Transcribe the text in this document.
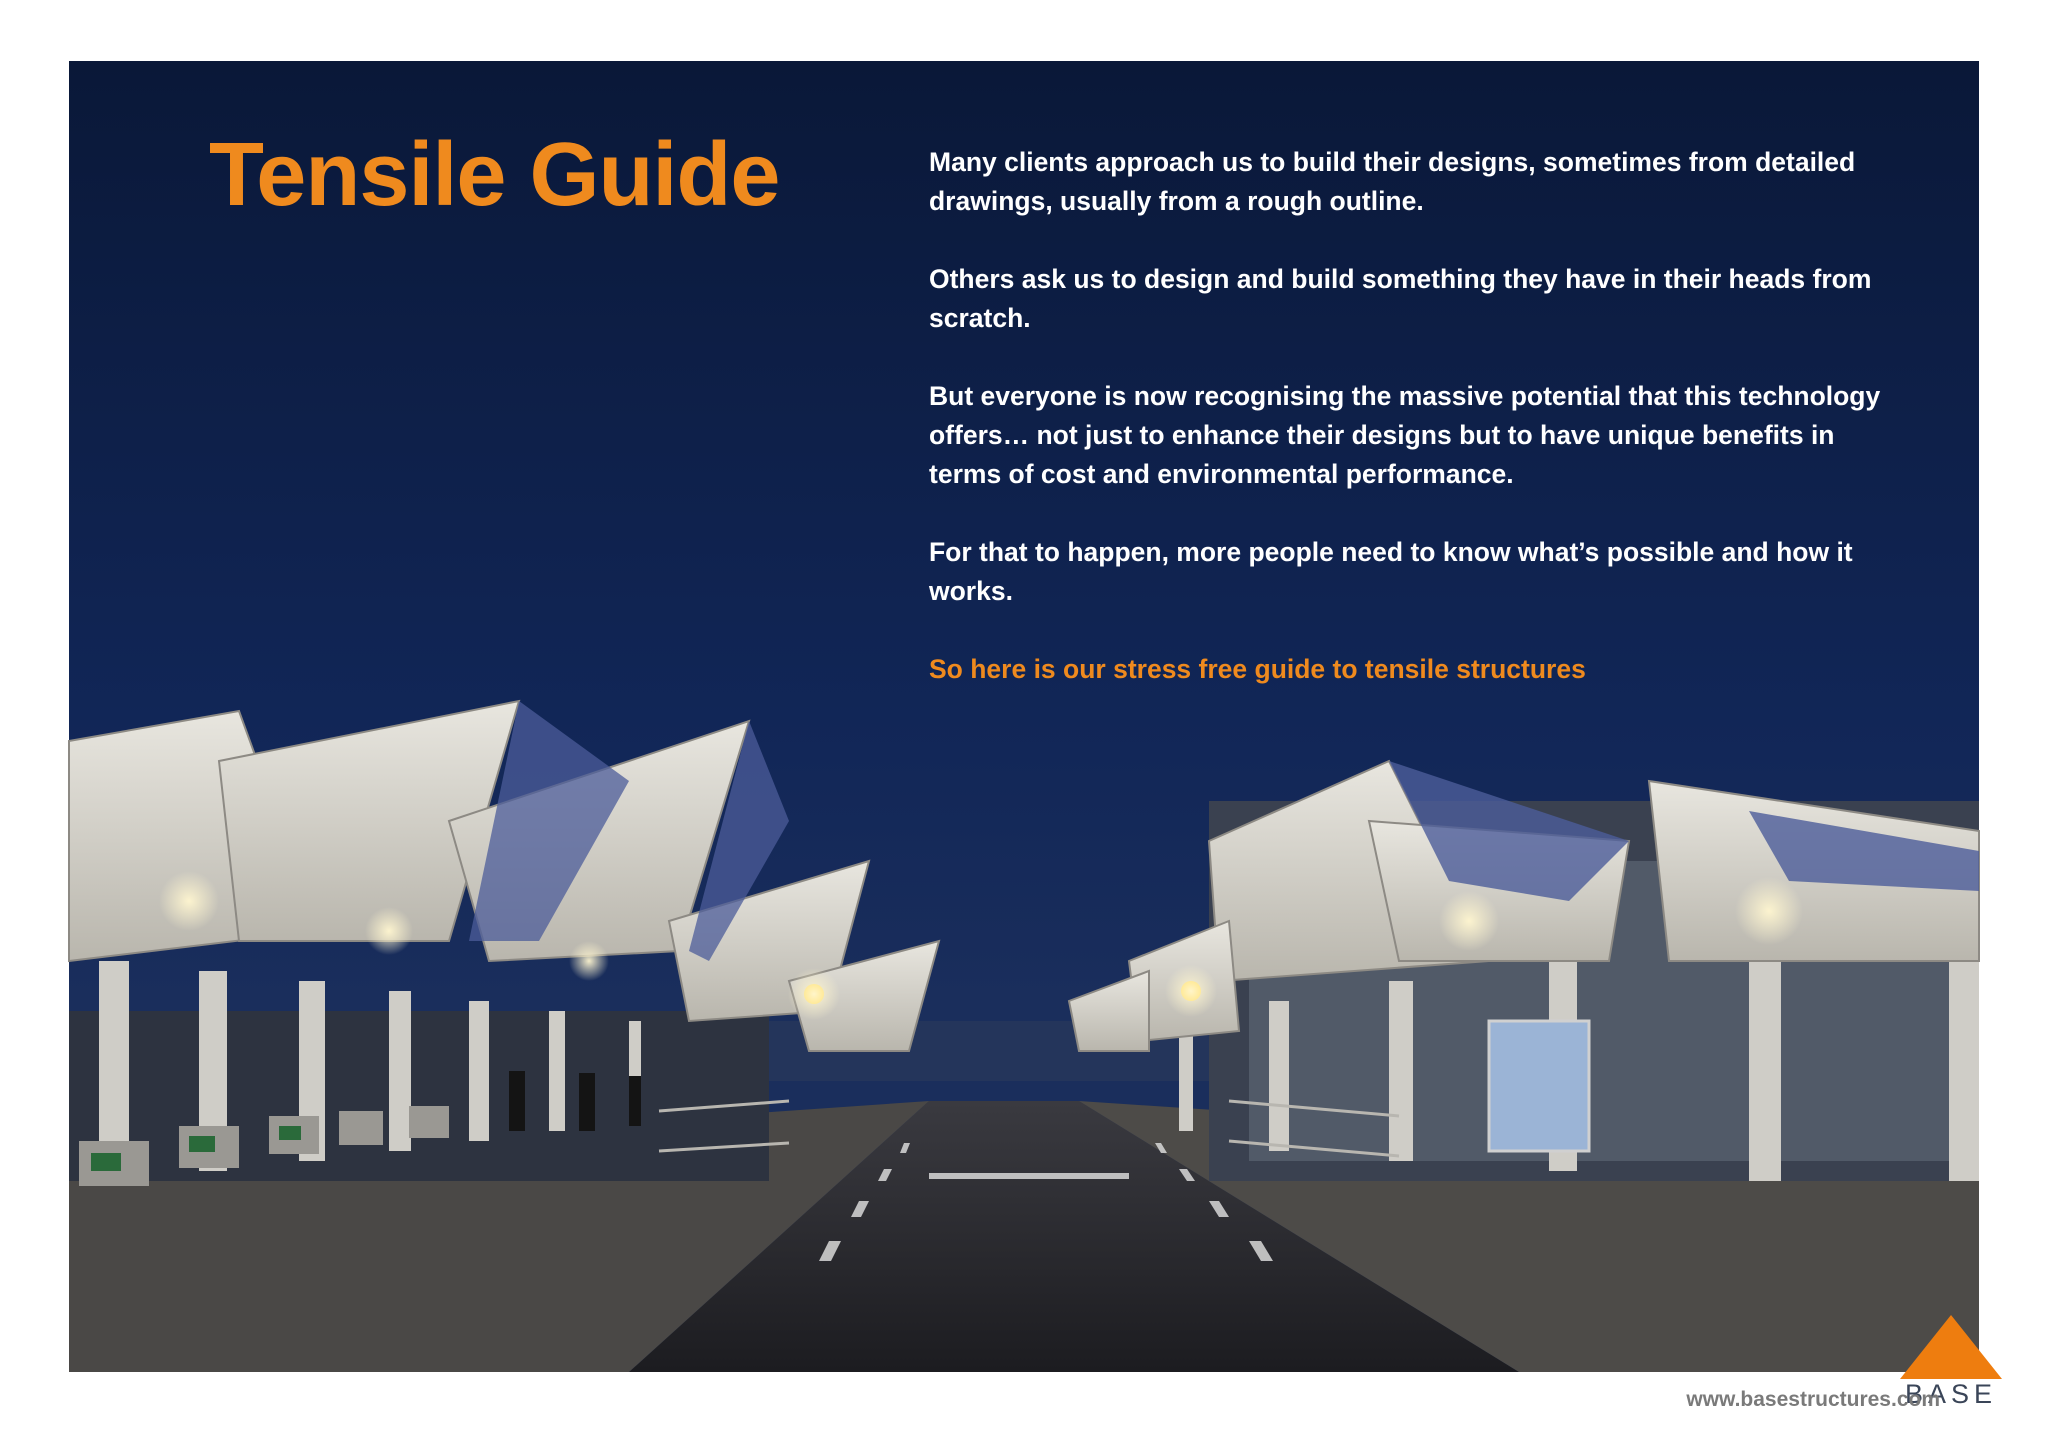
BASE
Tensile Guide	Many clients approach us to build their designs, sometimes from detailed drawings, usually from a rough outline.

Others ask us to design and build something they have in their heads from scratch.

But everyone is now recognising the massive potential that this technology offers… not just to enhance their designs but to have unique benefits in terms of cost and environmental performance.

For that to happen, more people need to know what’s possible and how it works.

So here is our stress free guide to tensile structures

www.basestructures.com
